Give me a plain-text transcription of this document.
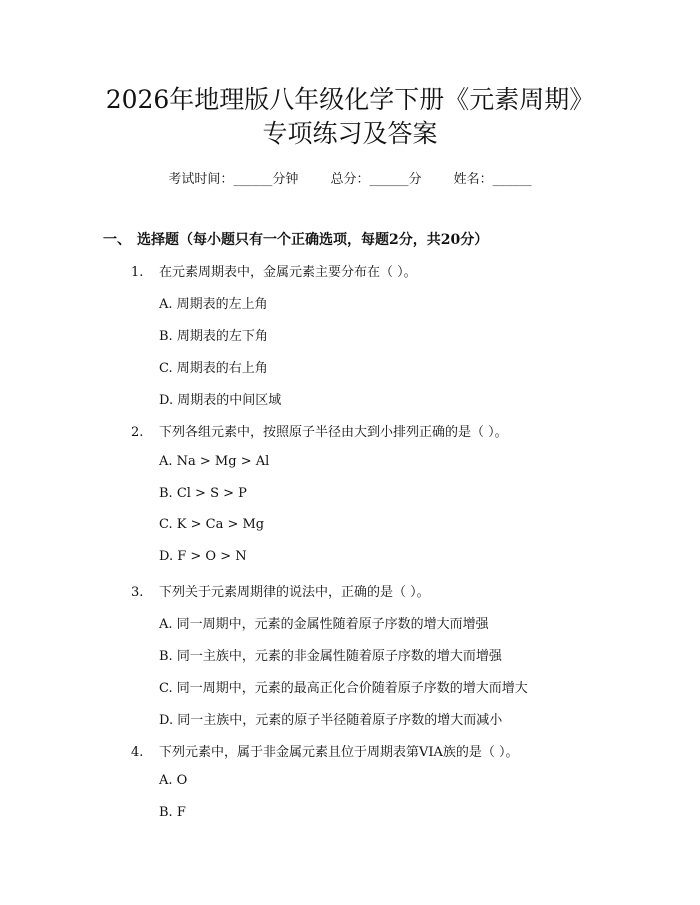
2026年地理版八年级化学下册《元素周期》
专项练习及答案
考试时间：______分钟 总分：______分 姓名：______
一、 选择题（每小题只有一个正确选项，每题2分，共20分）
1. 在元素周期表中，金属元素主要分布在（ ）。
A. 周期表的左上角
B. 周期表的左下角
C. 周期表的右上角
D. 周期表的中间区域
2. 下列各组元素中，按照原子半径由大到小排列正确的是（ ）。
A. Na > Mg > Al
B. Cl > S > P
C. K > Ca > Mg
D. F > O > N
3. 下列关于元素周期律的说法中，正确的是（ ）。
A. 同一周期中，元素的金属性随着原子序数的增大而增强
B. 同一主族中，元素的非金属性随着原子序数的增大而增强
C. 同一周期中，元素的最高正化合价随着原子序数的增大而增大
D. 同一主族中，元素的原子半径随着原子序数的增大而减小
4. 下列元素中，属于非金属元素且位于周期表第VIA族的是（ ）。
A. O
B. F
